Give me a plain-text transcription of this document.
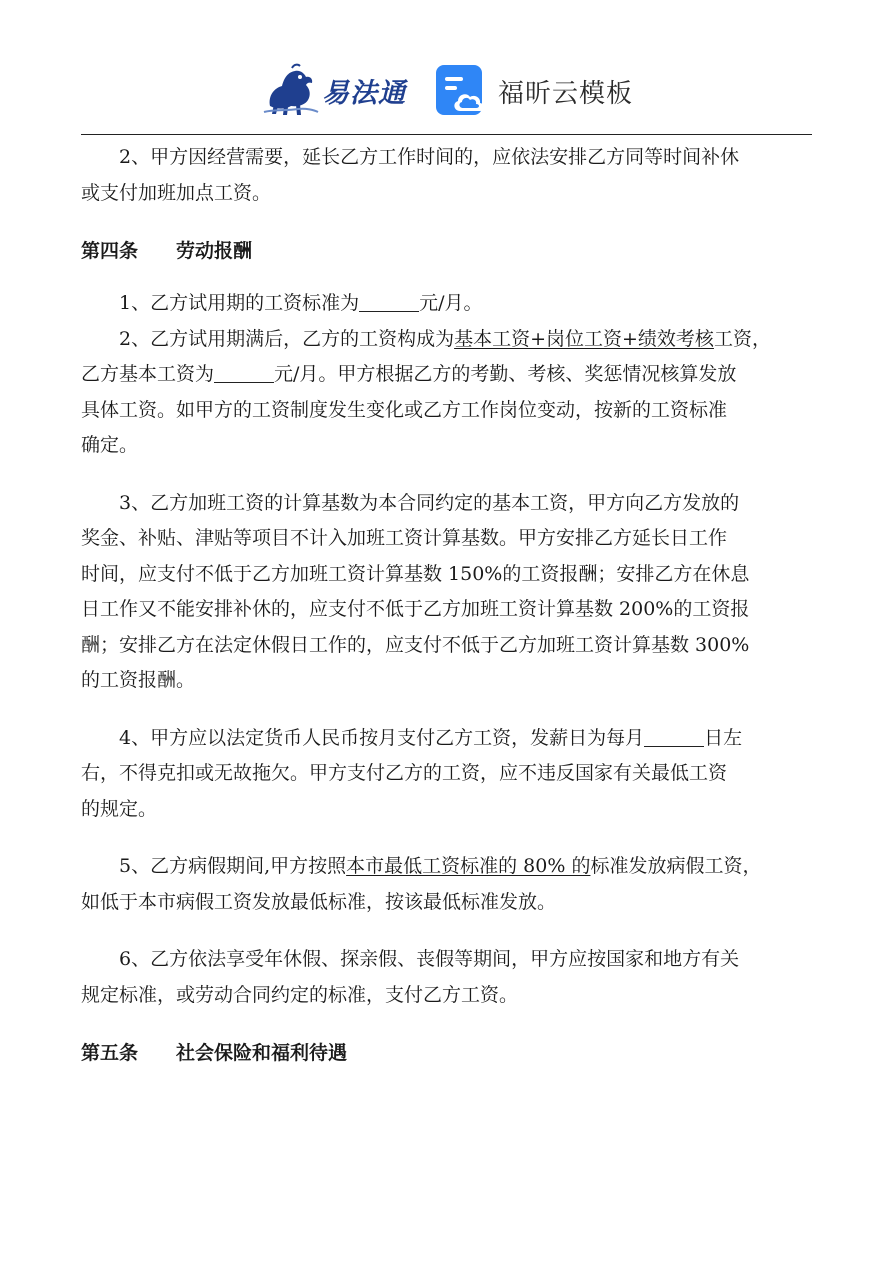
易法通	福昕云模板

2、甲方因经营需要，延长乙方工作时间的，应依法安排乙方同等时间补休

或支付加班加点工资。

第四条 劳动报酬

1、乙方试用期的工资标准为	元/月。

2、乙方试用期满后，乙方的工资构成为基本工资+岗位工资+绩效考核工资，

乙方基本工资为	元/月。甲方根据乙方的考勤、考核、奖惩情况核算发放

具体工资。如甲方的工资制度发生变化或乙方工作岗位变动，按新的工资标准

确定。

3、乙方加班工资的计算基数为本合同约定的基本工资，甲方向乙方发放的

奖金、补贴、津贴等项目不计入加班工资计算基数。甲方安排乙方延长日工作

时间，应支付不低于乙方加班工资计算基数 150%的工资报酬；安排乙方在休息

日工作又不能安排补休的，应支付不低于乙方加班工资计算基数 200%的工资报

酬；安排乙方在法定休假日工作的，应支付不低于乙方加班工资计算基数 300%

的工资报酬。

4、甲方应以法定货币人民币按月支付乙方工资，发薪日为每月	日左

右，不得克扣或无故拖欠。甲方支付乙方的工资，应不违反国家有关最低工资

的规定。

5、乙方病假期间,甲方按照本市最低工资标准的 80% 的标准发放病假工资，

如低于本市病假工资发放最低标准，按该最低标准发放。

6、乙方依法享受年休假、探亲假、丧假等期间，甲方应按国家和地方有关

规定标准，或劳动合同约定的标准，支付乙方工资。

第五条 社会保险和福利待遇
